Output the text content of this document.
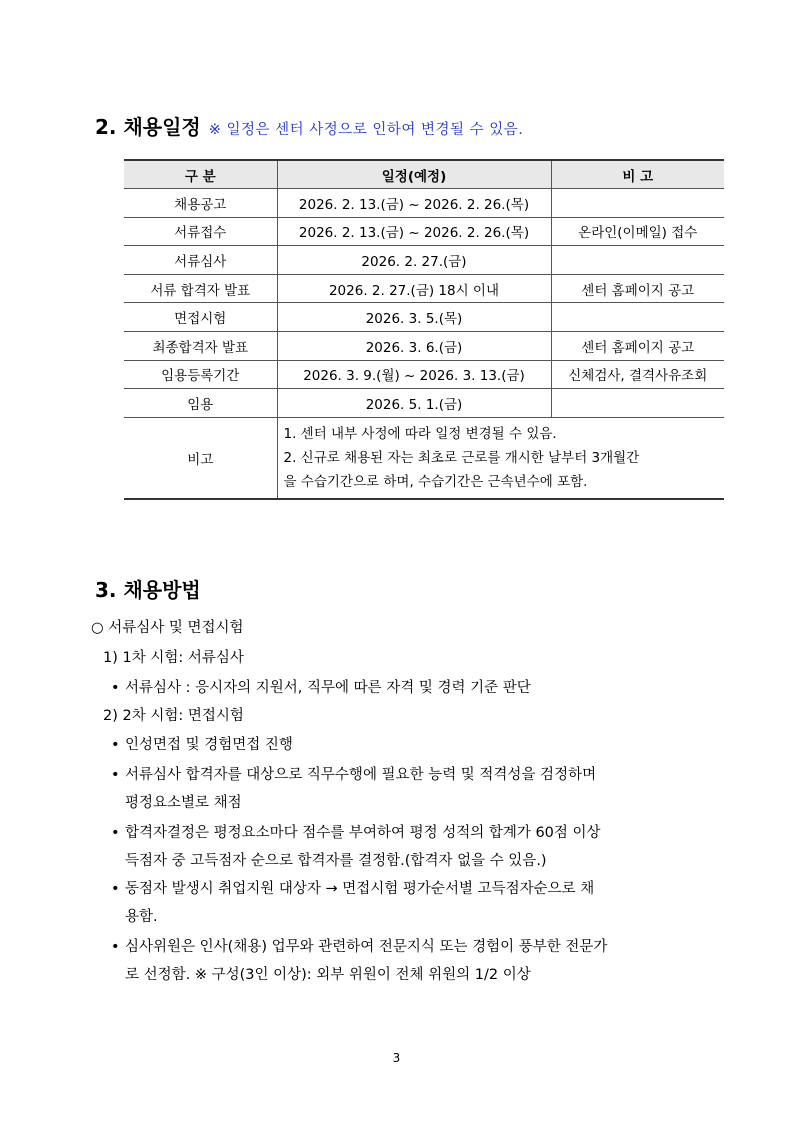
2. 채용일정 ※ 일정은 센터 사정으로 인하여 변경될 수 있음.
구 분	일정(예정)	비 고
채용공고	2026. 2. 13.(금) ~ 2026. 2. 26.(목)	
서류접수	2026. 2. 13.(금) ~ 2026. 2. 26.(목)	온라인(이메일) 접수
서류심사	2026. 2. 27.(금)	
서류 합격자 발표	2026. 2. 27.(금) 18시 이내	센터 홈페이지 공고
면접시험	2026. 3. 5.(목)	
최종합격자 발표	2026. 3. 6.(금)	센터 홈페이지 공고
임용등록기간	2026. 3. 9.(월) ~ 2026. 3. 13.(금)	신체검사, 결격사유조회
임용	2026. 5. 1.(금)	
비고	1. 센터 내부 사정에 따라 일정 변경될 수 있음.
2. 신규로 채용된 자는 최초로 근로를 개시한 날부터 3개월간
을 수습기간으로 하며, 수습기간은 근속년수에 포함.	
3. 채용방법
○ 서류심사 및 면접시험
1) 1차 시험: 서류심사
• 서류심사 : 응시자의 지원서, 직무에 따른 자격 및 경력 기준 판단
2) 2차 시험: 면접시험
• 인성면접 및 경험면접 진행
• 서류심사 합격자를 대상으로 직무수행에 필요한 능력 및 적격성을 검정하며
평정요소별로 채점
• 합격자결정은 평정요소마다 점수를 부여하여 평정 성적의 합계가 60점 이상
득점자 중 고득점자 순으로 합격자를 결정함.(합격자 없을 수 있음.)
• 동점자 발생시 취업지원 대상자 → 면접시험 평가순서별 고득점자순으로 채
용함.
• 심사위원은 인사(채용) 업무와 관련하여 전문지식 또는 경험이 풍부한 전문가
로 선정함. ※ 구성(3인 이상): 외부 위원이 전체 위원의 1/2 이상
3
